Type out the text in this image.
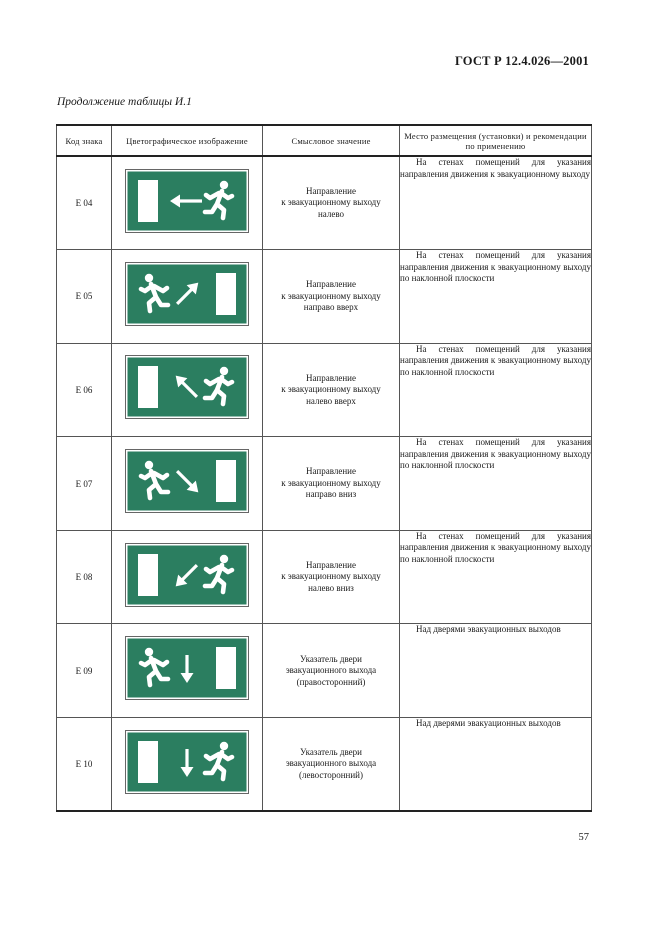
ГОСТ Р 12.4.026—2001
Продолжение таблицы И.1
Код знака	Цветографическое изображение	Смысловое значение	Место размещения (установки) и рекомендации по применению
E 04		Направление
к эвакуационному выходу
налево	На стенах помещений для указания направления движения к эвакуационному выходу

E 05		Направление
к эвакуационному выходу
направо вверх	На стенах помещений для указания направления движения к эвакуационному выходу по наклонной плоскости

E 06		Направление
к эвакуационному выходу
налево вверх	На стенах помещений для указания направления движения к эвакуационному выходу по наклонной плоскости

E 07		Направление
к эвакуационному выходу
направо вниз	На стенах помещений для указания направления движения к эвакуационному выходу по наклонной плоскости

E 08		Направление
к эвакуационному выходу
налево вниз	На стенах помещений для указания направления движения к эвакуационному выходу по наклонной плоскости

E 09		Указатель двери
эвакуационного выхода
(правосторонний)	Над дверями эвакуационных выходов

E 10		Указатель двери
эвакуационного выхода
(левосторонний)	Над дверями эвакуационных выходов
57
